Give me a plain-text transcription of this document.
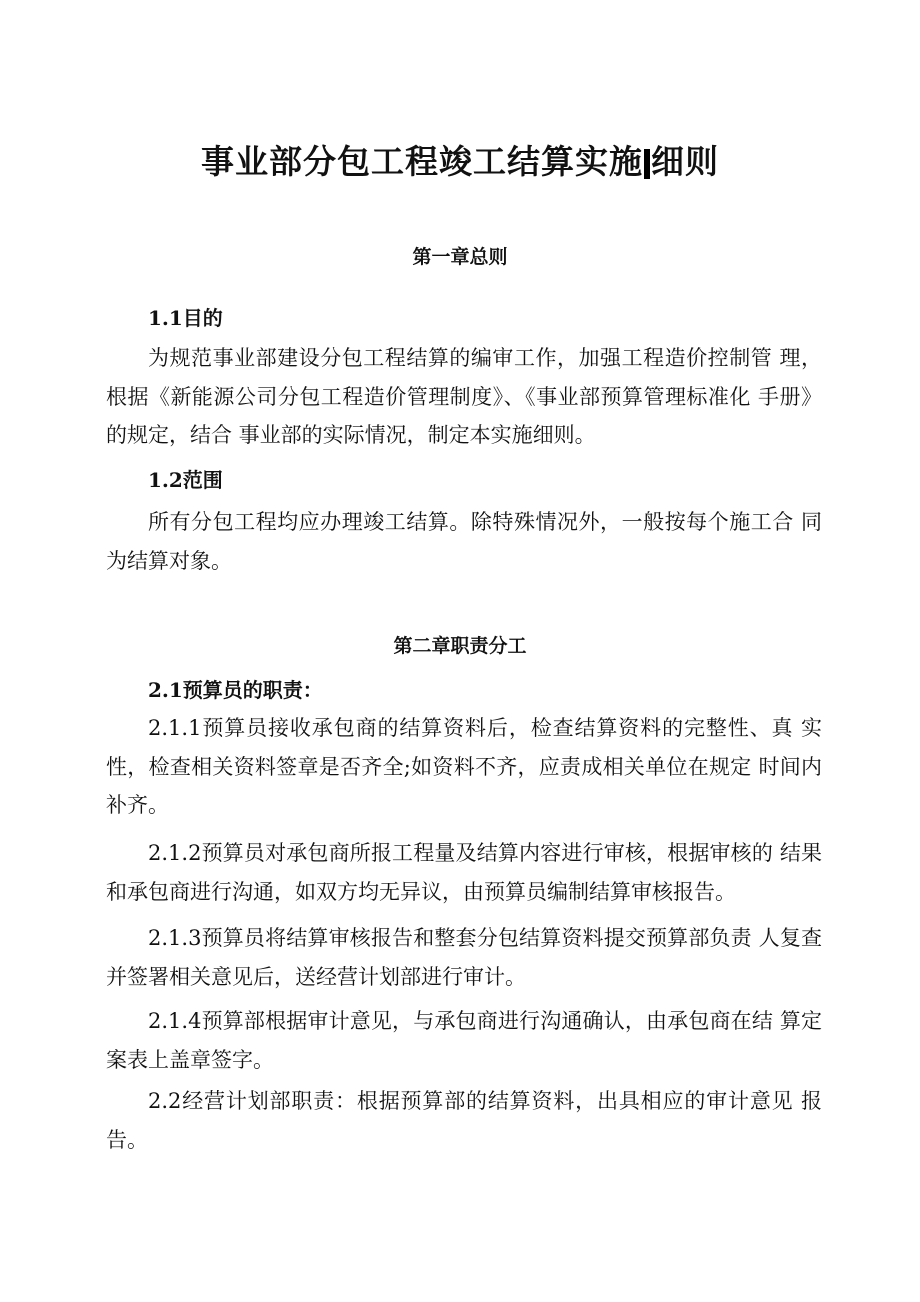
事业部分包工程竣工结算实施 细则
第一章总则
1.1目的
为规范事业部建设分包工程结算的编审工作，加强工程造价控制管 理，根据《新能源公司分包工程造价管理制度》、《事业部预算管理标准化 手册》的规定，结合 事业部的实际情况，制定本实施细则。
1.2范围
所有分包工程均应办理竣工结算。除特殊情况外，一般按每个施工合 同为结算对象。
第二章职责分工
2.1预算员的职责：
2.1.1预算员接收承包商的结算资料后，检查结算资料的完整性、真 实性，检查相关资料签章是否齐全;如资料不齐，应责成相关单位在规定 时间内补齐。
2.1.2预算员对承包商所报工程量及结算内容进行审核，根据审核的 结果和承包商进行沟通，如双方均无异议，由预算员编制结算审核报告。
2.1.3预算员将结算审核报告和整套分包结算资料提交预算部负责 人复查并签署相关意见后，送经营计划部进行审计。
2.1.4预算部根据审计意见，与承包商进行沟通确认，由承包商在结 算定案表上盖章签字。
2.2经营计划部职责：根据预算部的结算资料，出具相应的审计意见 报告。
